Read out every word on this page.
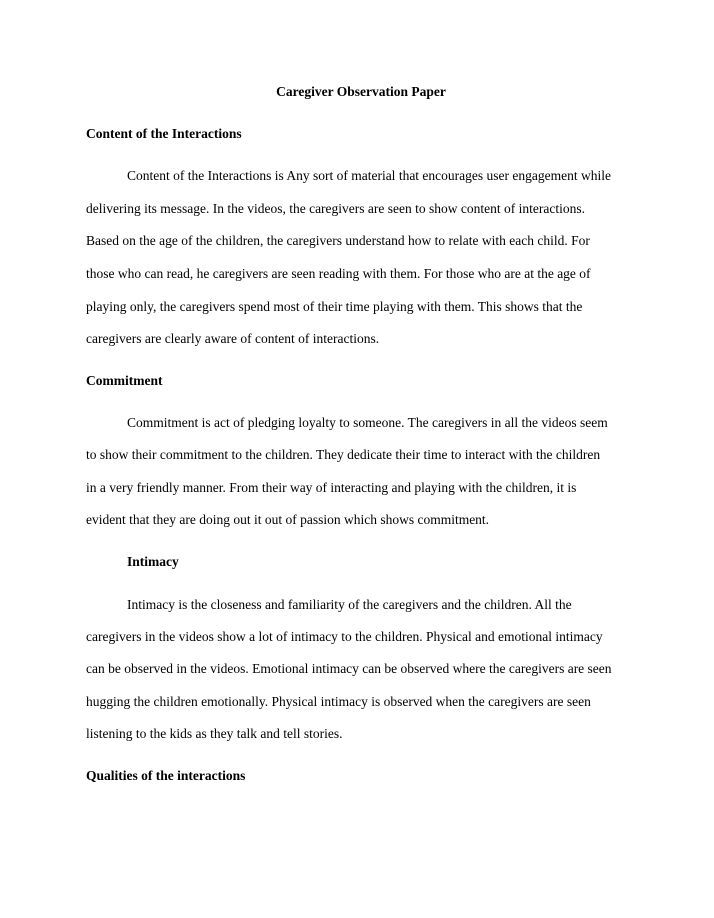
Caregiver Observation Paper
Content of the Interactions
Content of the Interactions is Any sort of material that encourages user engagement while
delivering its message. In the videos, the caregivers are seen to show content of interactions.
Based on the age of the children, the caregivers understand how to relate with each child. For
those who can read, he caregivers are seen reading with them. For those who are at the age of
playing only, the caregivers spend most of their time playing with them. This shows that the
caregivers are clearly aware of content of interactions.
Commitment
Commitment is act of pledging loyalty to someone. The caregivers in all the videos seem
to show their commitment to the children. They dedicate their time to interact with the children
in a very friendly manner. From their way of interacting and playing with the children, it is
evident that they are doing out it out of passion which shows commitment.
Intimacy
Intimacy is the closeness and familiarity of the caregivers and the children. All the
caregivers in the videos show a lot of intimacy to the children. Physical and emotional intimacy
can be observed in the videos. Emotional intimacy can be observed where the caregivers are seen
hugging the children emotionally. Physical intimacy is observed when the caregivers are seen
listening to the kids as they talk and tell stories.
Qualities of the interactions
